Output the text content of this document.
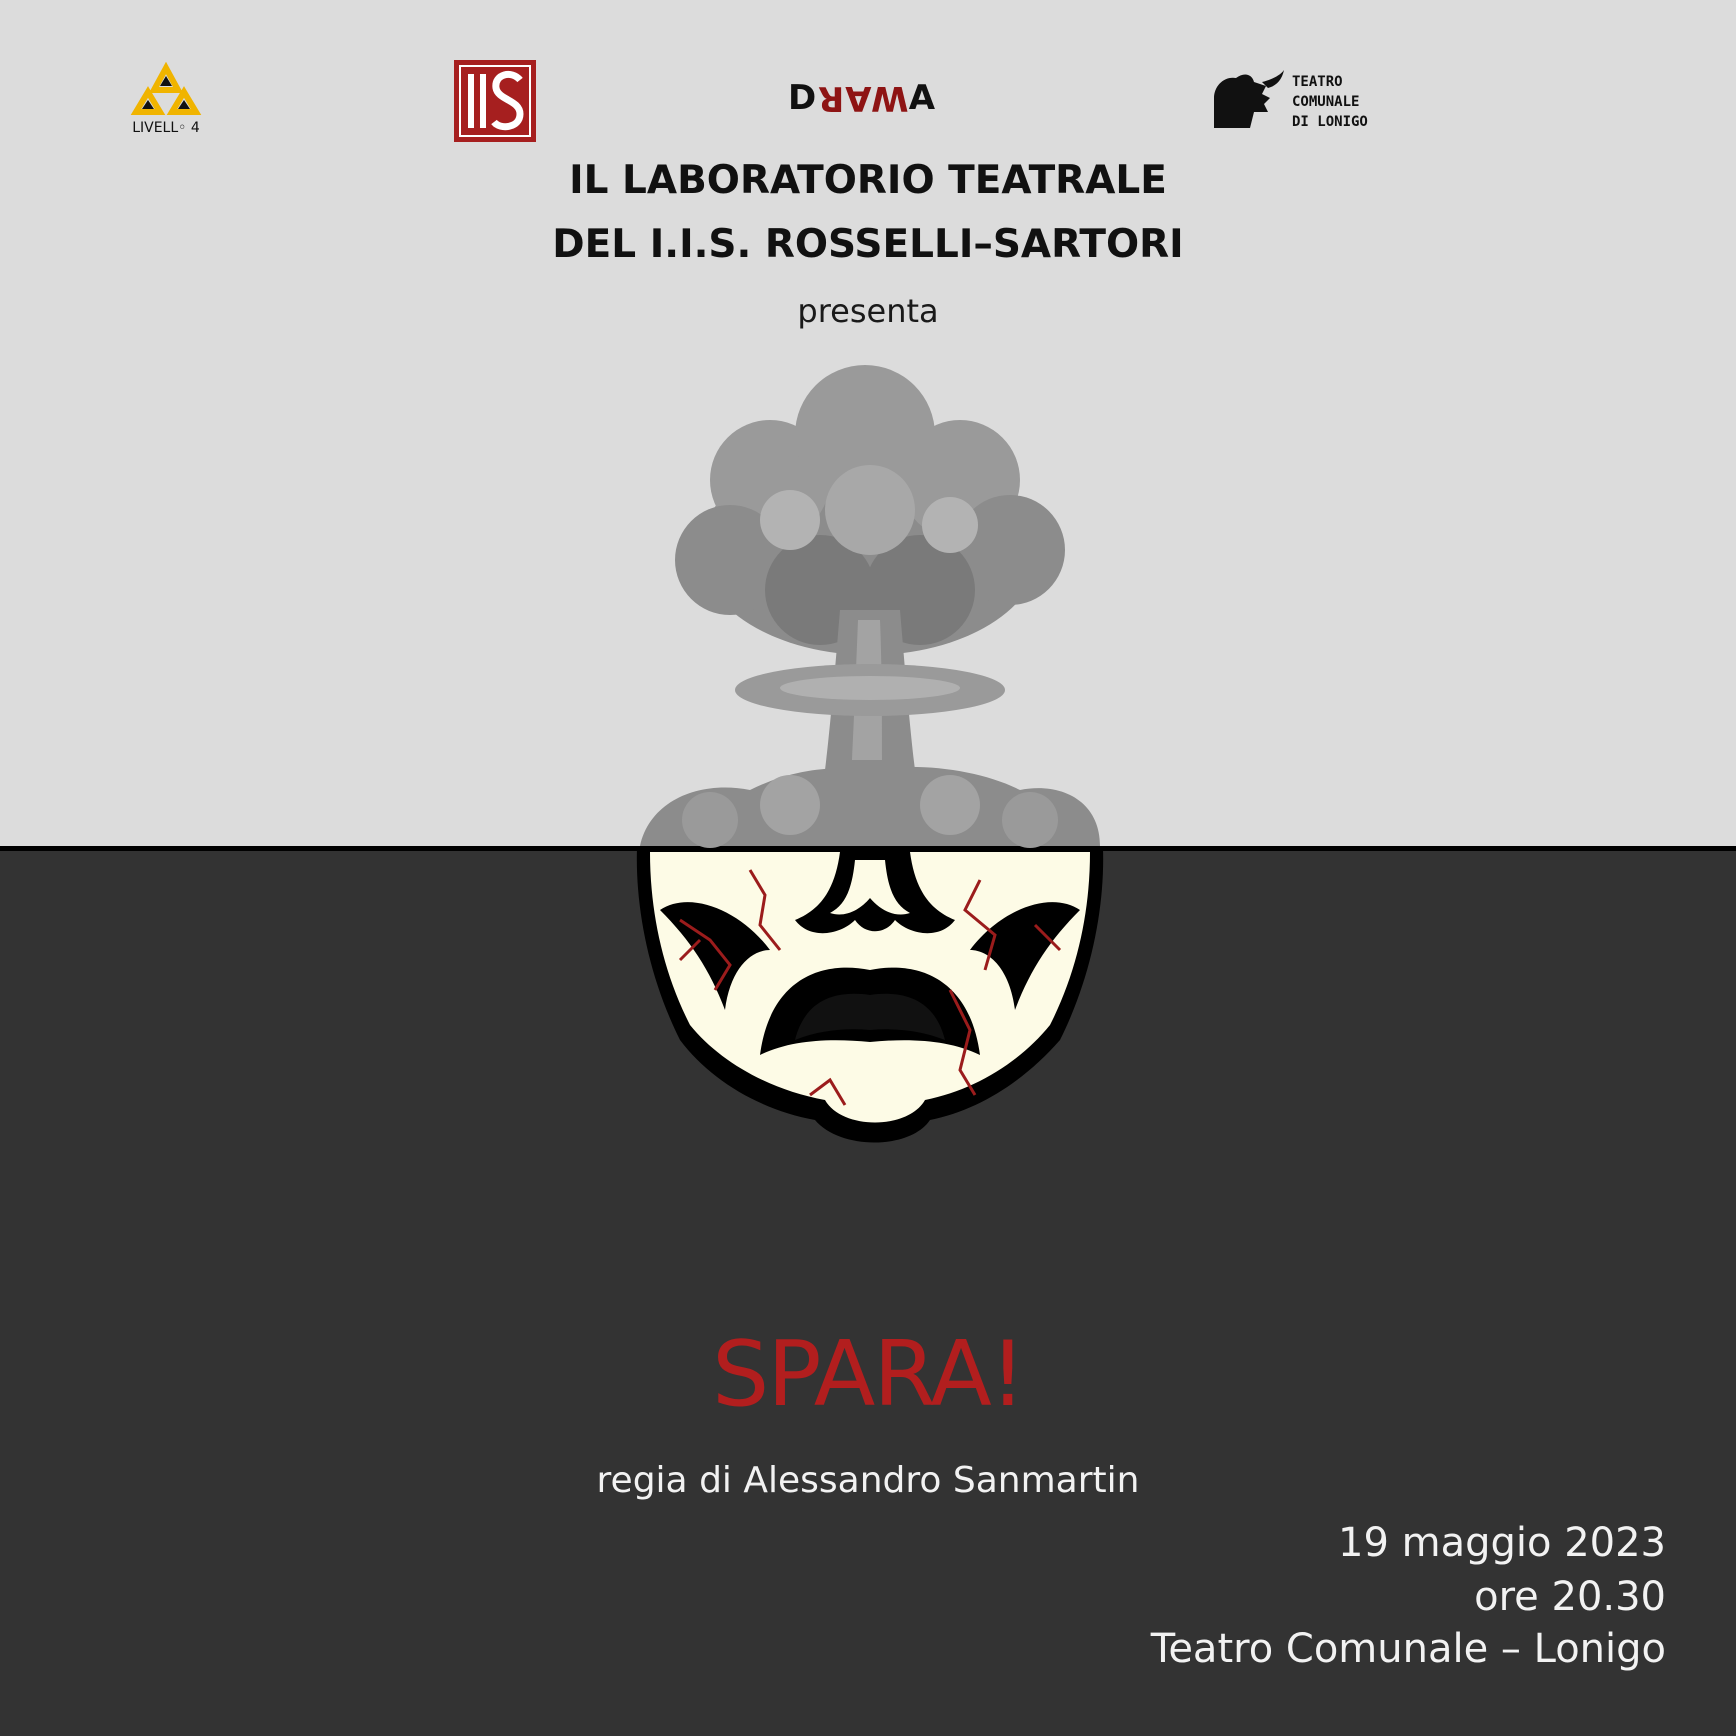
LIVELL◦ 4
DWARA	TEATRO
COMUNALE
DI LONIGO
IL LABORATORIO TEATRALE
DEL I.I.S. ROSSELLI–SARTORI
presenta
SPARA!
regia di Alessandro Sanmartin
19 maggio 2023
ore 20.30
Teatro Comunale – Lonigo
